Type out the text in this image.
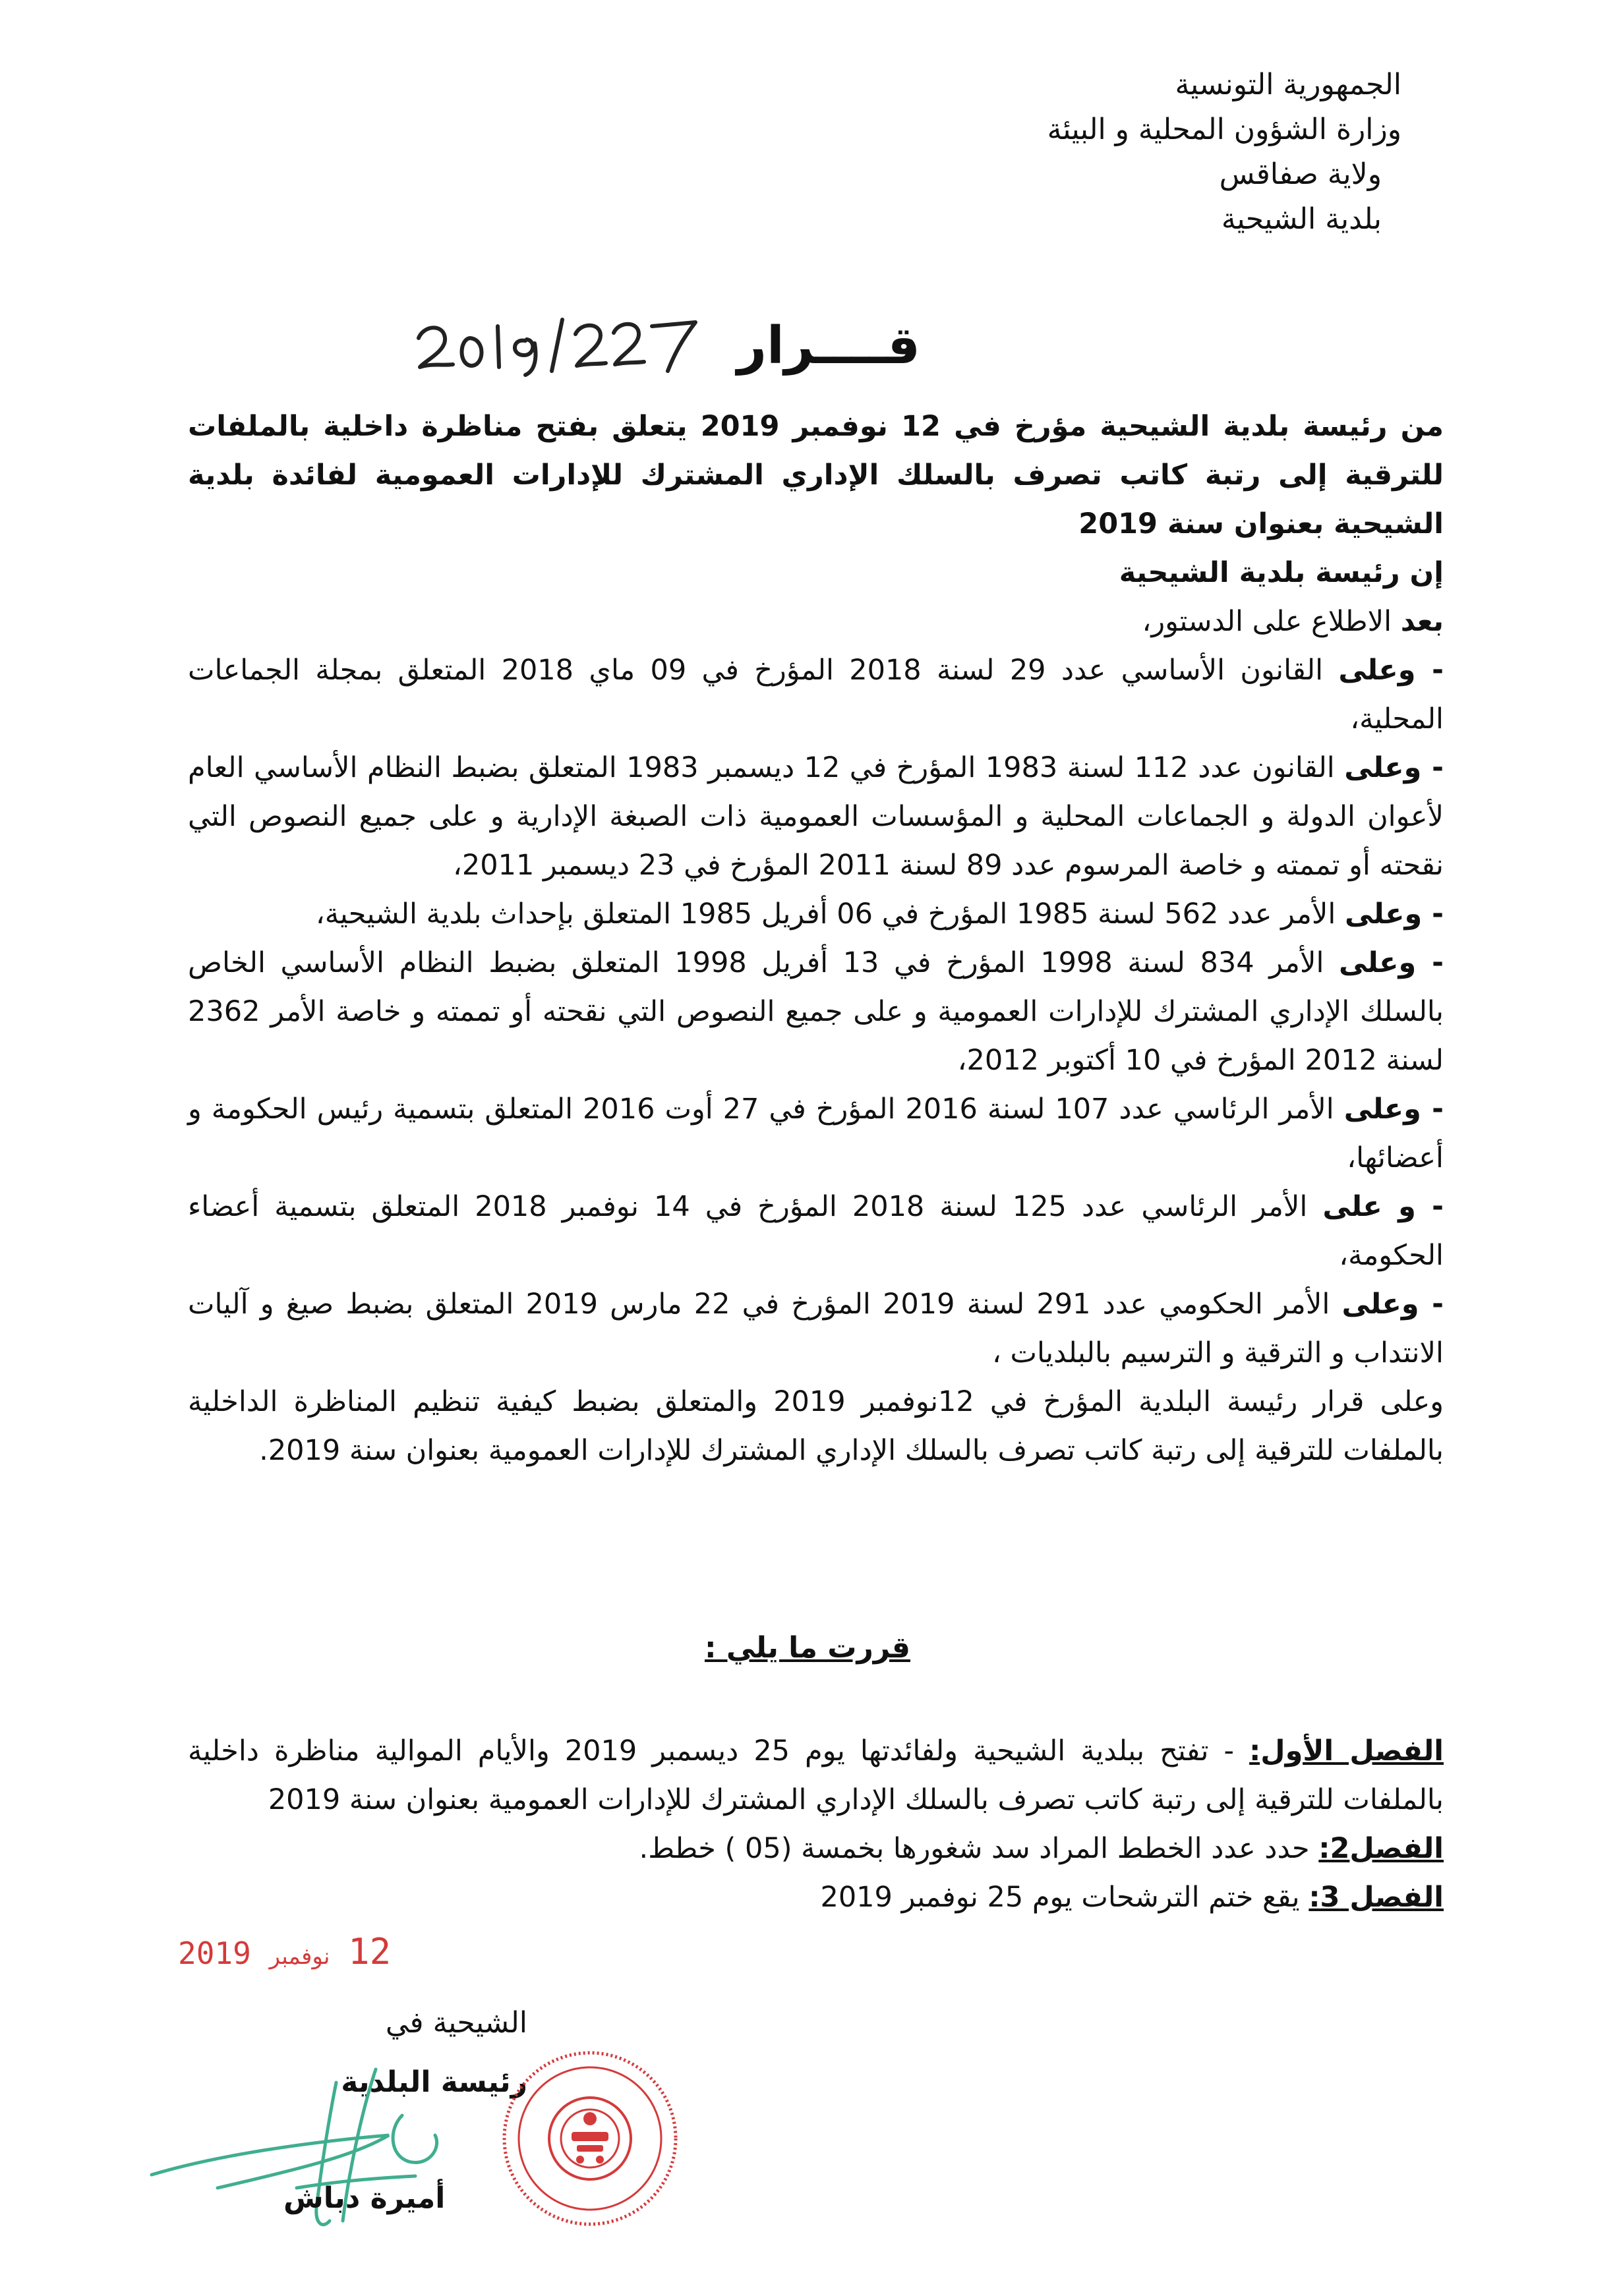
الجمهورية التونسية
وزارة الشؤون المحلية و البيئة
ولاية صفاقس
بلدية الشيحية
قــــرار

من رئيسة بلدية الشيحية مؤرخ في 12 نوفمبر 2019 يتعلق بفتح مناظرة داخلية بالملفات للترقية إلى رتبة كاتب تصرف بالسلك الإداري المشترك للإدارات العمومية لفائدة بلدية الشيحية بعنوان سنة 2019

إن رئيسة بلدية الشيحية

بعد الاطلاع على الدستور،

- وعلى القانون الأساسي عدد 29 لسنة 2018 المؤرخ في 09 ماي 2018 المتعلق بمجلة الجماعات المحلية،

- وعلى القانون عدد 112 لسنة 1983 المؤرخ في 12 ديسمبر 1983 المتعلق بضبط النظام الأساسي العام لأعوان الدولة و الجماعات المحلية و المؤسسات العمومية ذات الصبغة الإدارية و على جميع النصوص التي نقحته أو تممته و خاصة المرسوم عدد 89 لسنة 2011 المؤرخ في 23 ديسمبر 2011،

- وعلى الأمر عدد 562 لسنة 1985 المؤرخ في 06 أفريل 1985 المتعلق بإحداث بلدية الشيحية،

- وعلى الأمر 834 لسنة 1998 المؤرخ في 13 أفريل 1998 المتعلق بضبط النظام الأساسي الخاص بالسلك الإداري المشترك للإدارات العمومية و على جميع النصوص التي نقحته أو تممته و خاصة الأمر 2362 لسنة 2012 المؤرخ في 10 أكتوبر 2012،

- وعلى الأمر الرئاسي عدد 107 لسنة 2016 المؤرخ في 27 أوت 2016 المتعلق بتسمية رئيس الحكومة و أعضائها،

- و على الأمر الرئاسي عدد 125 لسنة 2018 المؤرخ في 14 نوفمبر 2018 المتعلق بتسمية أعضاء الحكومة،

- وعلى الأمر الحكومي عدد 291 لسنة 2019 المؤرخ في 22 مارس 2019 المتعلق بضبط صيغ و آليات الانتداب و الترقية و الترسيم بالبلديات ،

وعلى قرار رئيسة البلدية المؤرخ في 12نوفمبر 2019 والمتعلق بضبط كيفية تنظيم المناظرة الداخلية بالملفات للترقية إلى رتبة كاتب تصرف بالسلك الإداري المشترك للإدارات العمومية بعنوان سنة 2019.

قررت ما يلي :

الفصل الأول: - تفتح ببلدية الشيحية ولفائدتها يوم 25 ديسمبر 2019 والأيام الموالية مناظرة داخلية بالملفات للترقية إلى رتبة كاتب تصرف بالسلك الإداري المشترك للإدارات العمومية بعنوان سنة 2019

الفصل2: حدد عدد الخطط المراد سد شغورها بخمسة (05 ) خطط.

الفصل 3: يقع ختم الترشحات يوم 25 نوفمبر 2019

12 نوفمبر 2019
الشيحية في
رئيسة البلدية
أميرة دباش
